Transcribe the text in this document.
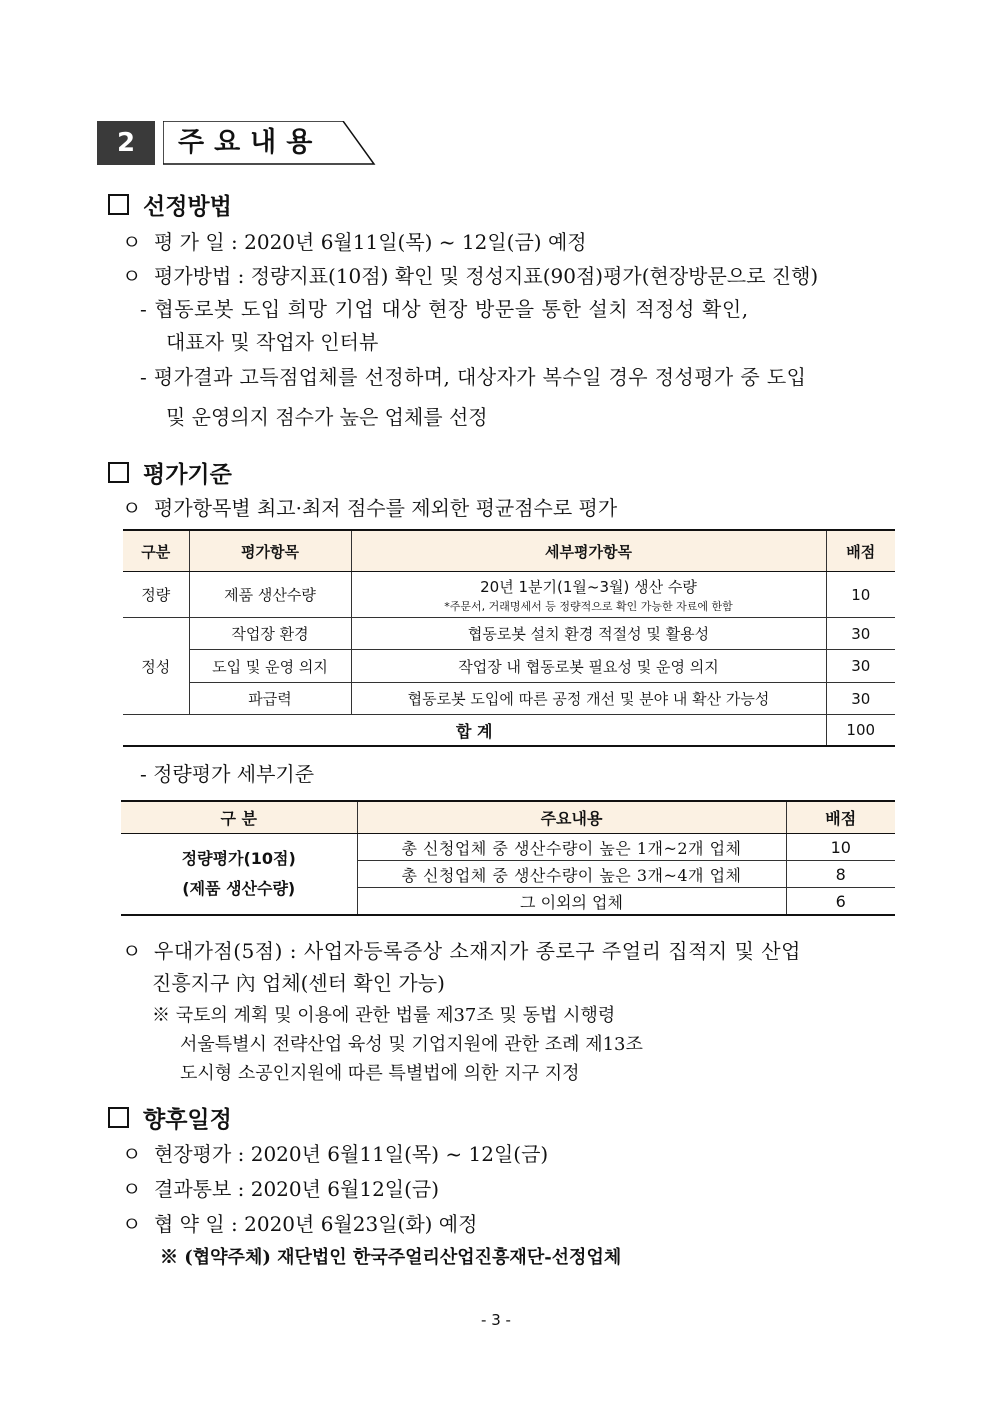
2	주요내용
선정방법
ㅇ 평 가 일 : 2020년 6월11일(목) ~ 12일(금) 예정
ㅇ 평가방법 : 정량지표(10점) 확인 및 정성지표(90점)평가(현장방문으로 진행)
- 협동로봇 도입 희망 기업 대상 현장 방문을 통한 설치 적정성 확인,
대표자 및 작업자 인터뷰
- 평가결과 고득점업체를 선정하며, 대상자가 복수일 경우 정성평가 중 도입
및 운영의지 점수가 높은 업체를 선정
평가기준
ㅇ 평가항목별 최고·최저 점수를 제외한 평균점수로 평가
구분	평가항목	세부평가항목	배점
정량	제품 생산수량	20년 1분기(1월~3월) 생산 수량
*주문서, 거래명세서 등 정량적으로 확인 가능한 자료에 한함	10
정성	작업장 환경	협동로봇 설치 환경 적절성 및 활용성	30
	도입 및 운영 의지	작업장 내 협동로봇 필요성 및 운영 의지	30
	파급력	협동로봇 도입에 따른 공정 개선 및 분야 내 확산 가능성	30
합 계			100
- 정량평가 세부기준
구 분	주요내용	배점
정량평가(10점)
(제품 생산수량)	총 신청업체 중 생산수량이 높은 1개~2개 업체	10
	총 신청업체 중 생산수량이 높은 3개~4개 업체	8
	그 이외의 업체	6
ㅇ 우대가점(5점) : 사업자등록증상 소재지가 종로구 주얼리 집적지 및 산업
진흥지구 內 업체(센터 확인 가능)
※ 국토의 계획 및 이용에 관한 법률 제37조 및 동법 시행령
서울특별시 전략산업 육성 및 기업지원에 관한 조례 제13조
도시형 소공인지원에 따른 특별법에 의한 지구 지정
향후일정
ㅇ 현장평가 : 2020년 6월11일(목) ~ 12일(금)
ㅇ 결과통보 : 2020년 6월12일(금)
ㅇ 협 약 일 : 2020년 6월23일(화) 예정
※ (협약주체) 재단법인 한국주얼리산업진흥재단-선정업체
- 3 -
